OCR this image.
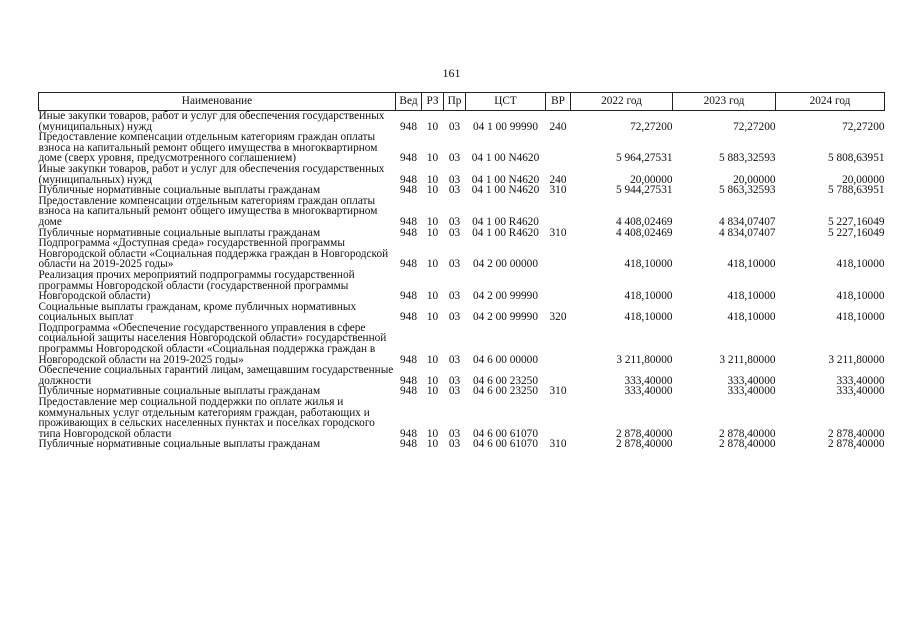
161
Наименование	Вед	РЗ	Пр	ЦСТ	ВР	2022 год	2023 год	2024 год
Иные закупки товаров, работ и услуг для обеспечения государственных (муниципальных) нужд	948	10	03	04 1 00 99990	240	72,27200	72,27200	72,27200
Предоставление компенсации отдельным категориям граждан оплаты взноса на капитальный ремонт общего имущества в многоквартирном доме (сверх уровня, предусмотренного соглашением)	948	10	03	04 1 00 N4620		5 964,27531	5 883,32593	5 808,63951
Иные закупки товаров, работ и услуг для обеспечения государственных (муниципальных) нужд	948	10	03	04 1 00 N4620	240	20,00000	20,00000	20,00000
Публичные нормативные социальные выплаты гражданам	948	10	03	04 1 00 N4620	310	5 944,27531	5 863,32593	5 788,63951
Предоставление компенсации отдельным категориям граждан оплаты взноса на капитальный ремонт общего имущества в многоквартирном доме	948	10	03	04 1 00 R4620		4 408,02469	4 834,07407	5 227,16049
Публичные нормативные социальные выплаты гражданам	948	10	03	04 1 00 R4620	310	4 408,02469	4 834,07407	5 227,16049
Подпрограмма «Доступная среда» государственной программы Новгородской области «Социальная поддержка граждан в Новгородской области на 2019-2025 годы»	948	10	03	04 2 00 00000		418,10000	418,10000	418,10000
Реализация прочих мероприятий подпрограммы государственной программы Новгородской области (государственной программы Новгородской области)	948	10	03	04 2 00 99990		418,10000	418,10000	418,10000
Социальные выплаты гражданам, кроме публичных нормативных социальных выплат	948	10	03	04 2 00 99990	320	418,10000	418,10000	418,10000
Подпрограмма «Обеспечение государственного управления в сфере социальной защиты населения Новгородской области» государственной программы Новгородской области «Социальная поддержка граждан в Новгородской области на 2019-2025 годы»	948	10	03	04 6 00 00000		3 211,80000	3 211,80000	3 211,80000
Обеспечение социальных гарантий лицам, замещавшим государственные должности	948	10	03	04 6 00 23250		333,40000	333,40000	333,40000
Публичные нормативные социальные выплаты гражданам	948	10	03	04 6 00 23250	310	333,40000	333,40000	333,40000
Предоставление мер социальной поддержки по оплате жилья и коммунальных услуг отдельным категориям граждан, работающих и проживающих в сельских населенных пунктах и поселках городского типа Новгородской области	948	10	03	04 6 00 61070		2 878,40000	2 878,40000	2 878,40000
Публичные нормативные социальные выплаты гражданам	948	10	03	04 6 00 61070	310	2 878,40000	2 878,40000	2 878,40000
